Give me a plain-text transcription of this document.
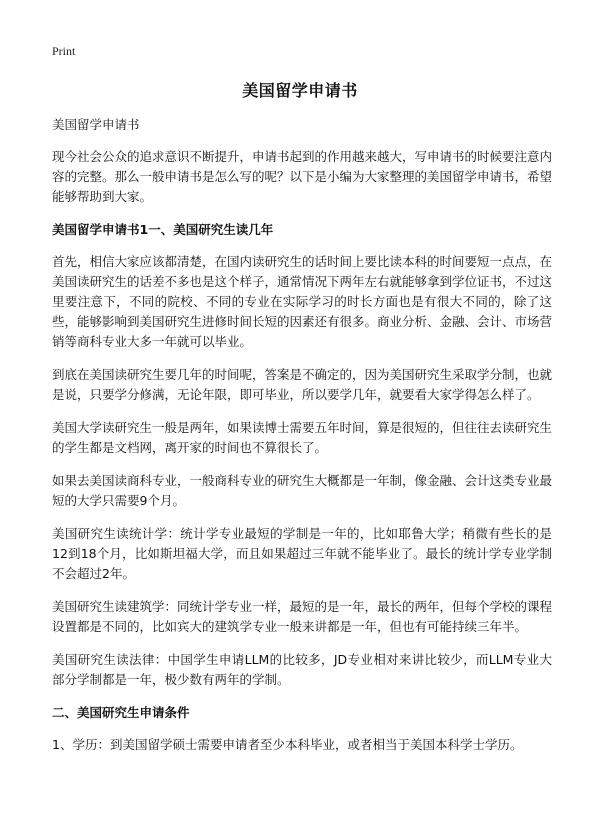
Print
美国留学申请书

美国留学申请书

现今社会公众的追求意识不断提升，申请书起到的作用越来越大，写申请书的时候要注意内容的完整。那么一般申请书是怎么写的呢？以下是小编为大家整理的美国留学申请书，希望能够帮助到大家。

美国留学申请书1一、美国研究生读几年

首先，相信大家应该都清楚，在国内读研究生的话时间上要比读本科的时间要短一点点，在美国读研究生的话差不多也是这个样子，通常情况下两年左右就能够拿到学位证书，不过这里要注意下，不同的院校、不同的专业在实际学习的时长方面也是有很大不同的，除了这些，能够影响到美国研究生进修时间长短的因素还有很多。商业分析、金融、会计、市场营销等商科专业大多一年就可以毕业。

到底在美国读研究生要几年的时间呢，答案是不确定的，因为美国研究生采取学分制，也就是说，只要学分修满，无论年限，即可毕业，所以要学几年，就要看大家学得怎么样了。

美国大学读研究生一般是两年，如果读博士需要五年时间，算是很短的，但往往去读研究生的学生都是文档网，离开家的时间也不算很长了。

如果去美国读商科专业，一般商科专业的研究生大概都是一年制，像金融、会计这类专业最短的大学只需要9个月。

美国研究生读统计学：统计学专业最短的学制是一年的，比如耶鲁大学；稍微有些长的是12到18个月，比如斯坦福大学，而且如果超过三年就不能毕业了。最长的统计学专业学制不会超过2年。

美国研究生读建筑学：同统计学专业一样，最短的是一年，最长的两年，但每个学校的课程设置都是不同的，比如宾大的建筑学专业一般来讲都是一年，但也有可能持续三年半。

美国研究生读法律：中国学生申请LLM的比较多，JD专业相对来讲比较少，而LLM专业大部分学制都是一年，极少数有两年的学制。

二、美国研究生申请条件

1、学历：到美国留学硕士需要申请者至少本科毕业，或者相当于美国本科学士学历。
